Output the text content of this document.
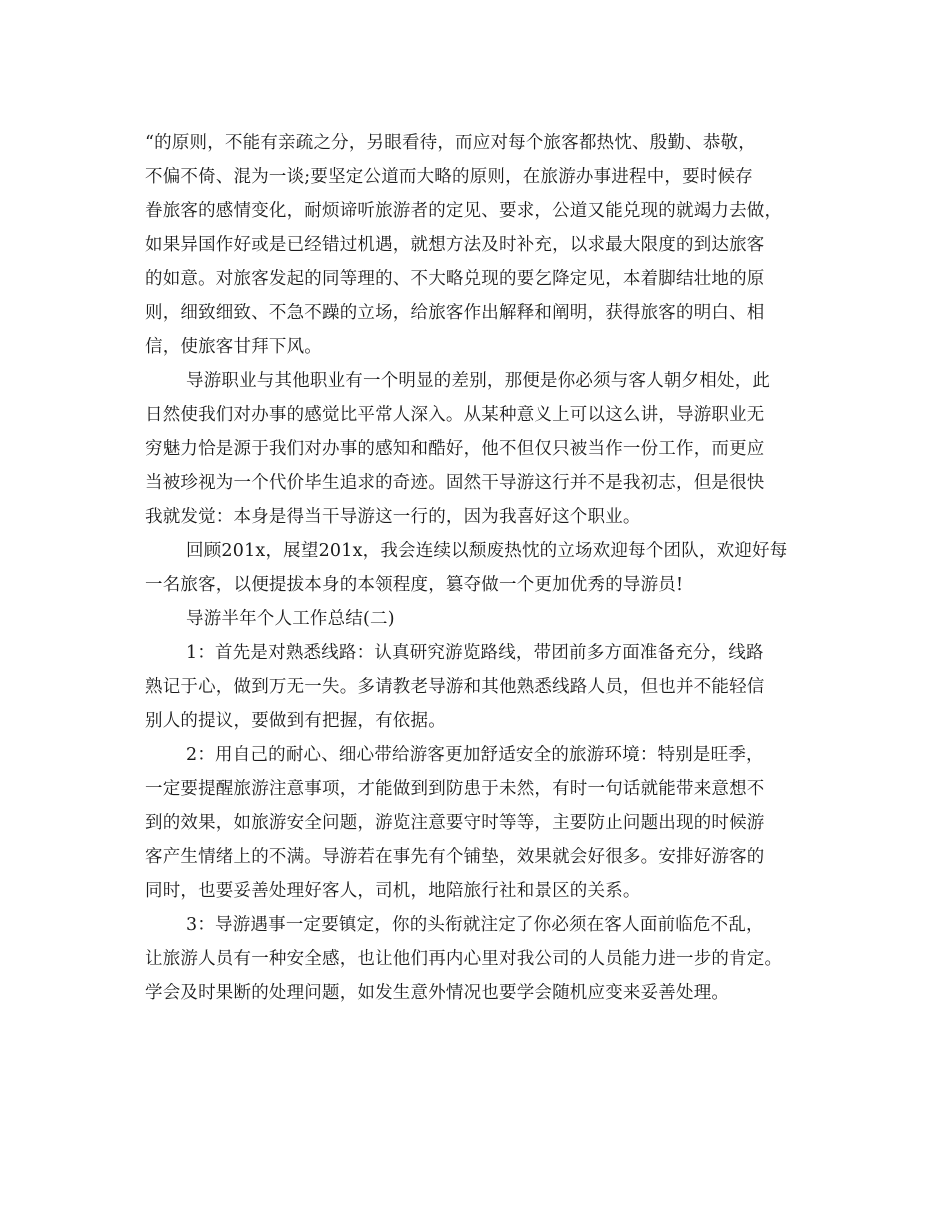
“的原则，不能有亲疏之分，另眼看待，而应对每个旅客都热忱、殷勤、恭敬，
不偏不倚、混为一谈;要坚定公道而大略的原则，在旅游办事进程中，要时候存
眷旅客的感情变化，耐烦谛听旅游者的定见、要求，公道又能兑现的就竭力去做，
如果异国作好或是已经错过机遇，就想方法及时补充，以求最大限度的到达旅客
的如意。对旅客发起的同等理的、不大略兑现的要乞降定见，本着脚结壮地的原
则，细致细致、不急不躁的立场，给旅客作出解释和阐明，获得旅客的明白、相
信，使旅客甘拜下风。
导游职业与其他职业有一个明显的差别，那便是你必须与客人朝夕相处，此
日然使我们对办事的感觉比平常人深入。从某种意义上可以这么讲，导游职业无
穷魅力恰是源于我们对办事的感知和酷好，他不但仅只被当作一份工作，而更应
当被珍视为一个代价毕生追求的奇迹。固然干导游这行并不是我初志，但是很快
我就发觉：本身是得当干导游这一行的，因为我喜好这个职业。
回顾201x，展望201x，我会连续以颓废热忱的立场欢迎每个团队，欢迎好每
一名旅客，以便提拔本身的本领程度，篡夺做一个更加优秀的导游员!
导游半年个人工作总结(二)
1：首先是对熟悉线路：认真研究游览路线，带团前多方面准备充分，线路
熟记于心，做到万无一失。多请教老导游和其他熟悉线路人员，但也并不能轻信
别人的提议，要做到有把握，有依据。
2：用自己的耐心、细心带给游客更加舒适安全的旅游环境：特别是旺季，
一定要提醒旅游注意事项，才能做到到防患于未然，有时一句话就能带来意想不
到的效果，如旅游安全问题，游览注意要守时等等，主要防止问题出现的时候游
客产生情绪上的不满。导游若在事先有个铺垫，效果就会好很多。安排好游客的
同时，也要妥善处理好客人，司机，地陪旅行社和景区的关系。
3：导游遇事一定要镇定，你的头衔就注定了你必须在客人面前临危不乱，
让旅游人员有一种安全感，也让他们再内心里对我公司的人员能力进一步的肯定。
学会及时果断的处理问题，如发生意外情况也要学会随机应变来妥善处理。
